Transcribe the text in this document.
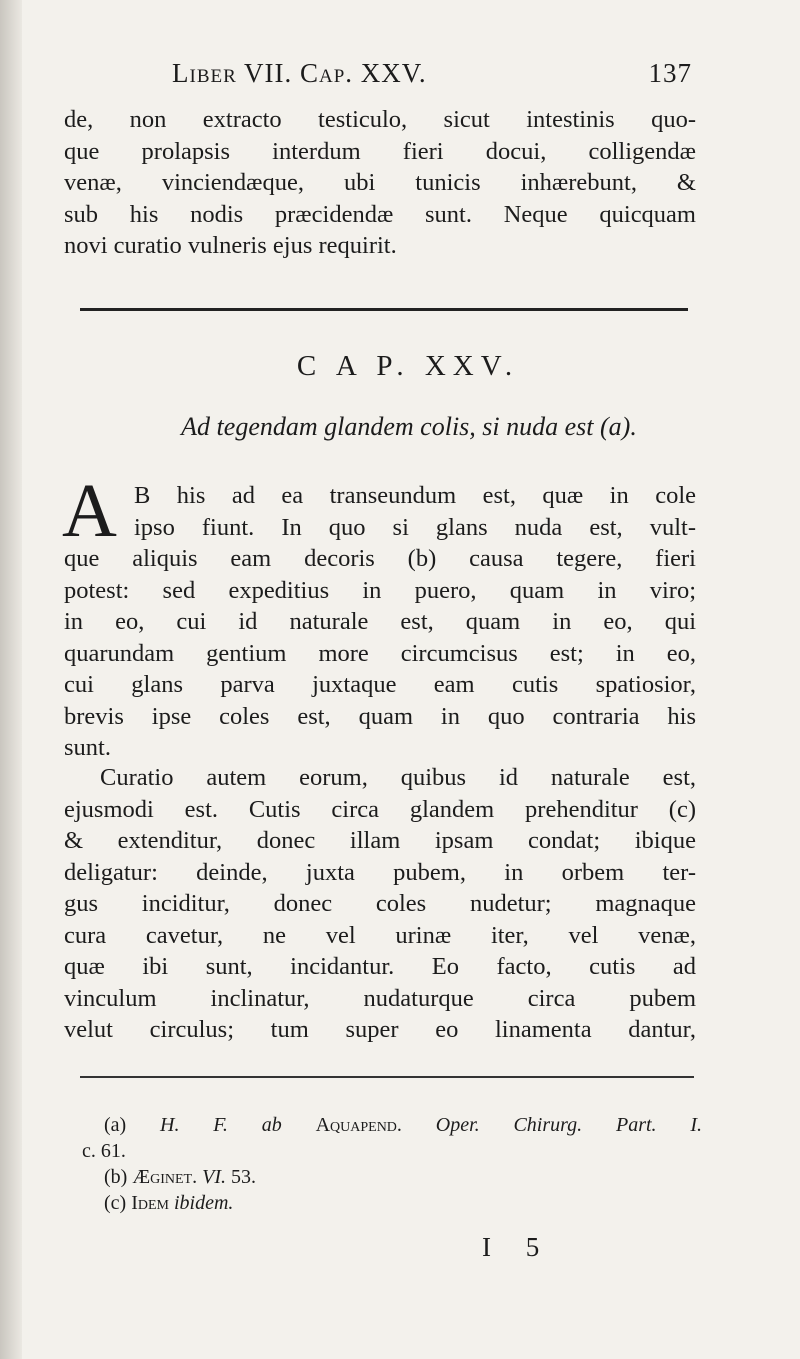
Liber VII. Cap. XXV.	137
de, non extracto testiculo, sicut intestinis quo-
que prolapsis interdum fieri docui, colligendæ
venæ, vinciendæque, ubi tunicis inhærebunt, &
sub his nodis præcidendæ sunt. Neque quicquam
novi curatio vulneris ejus requirit.
C A P. XXV.
Ad tegendam glandem colis, si nuda est (a).
A B his ad ea transeundum est, quæ in cole
ipso fiunt. In quo si glans nuda est, vult-
que aliquis eam decoris (b) causa tegere, fieri
potest: sed expeditius in puero, quam in viro;
in eo, cui id naturale est, quam in eo, qui
quarundam gentium more circumcisus est; in eo,
cui glans parva juxtaque eam cutis spatiosior,
brevis ipse coles est, quam in quo contraria his
sunt.
Curatio autem eorum, quibus id naturale est,
ejusmodi est. Cutis circa glandem prehenditur (c)
& extenditur, donec illam ipsam condat; ibique
deligatur: deinde, juxta pubem, in orbem ter-
gus inciditur, donec coles nudetur; magnaque
cura cavetur, ne vel urinæ iter, vel venæ,
quæ ibi sunt, incidantur. Eo facto, cutis ad
vinculum inclinatur, nudaturque circa pubem
velut circulus; tum super eo linamenta dantur,
(a) H. F. ab Aquapend. Oper. Chirurg. Part. I.
c. 61.
(b) Æginet. VI. 53.
(c) Idem ibidem.
I 5
